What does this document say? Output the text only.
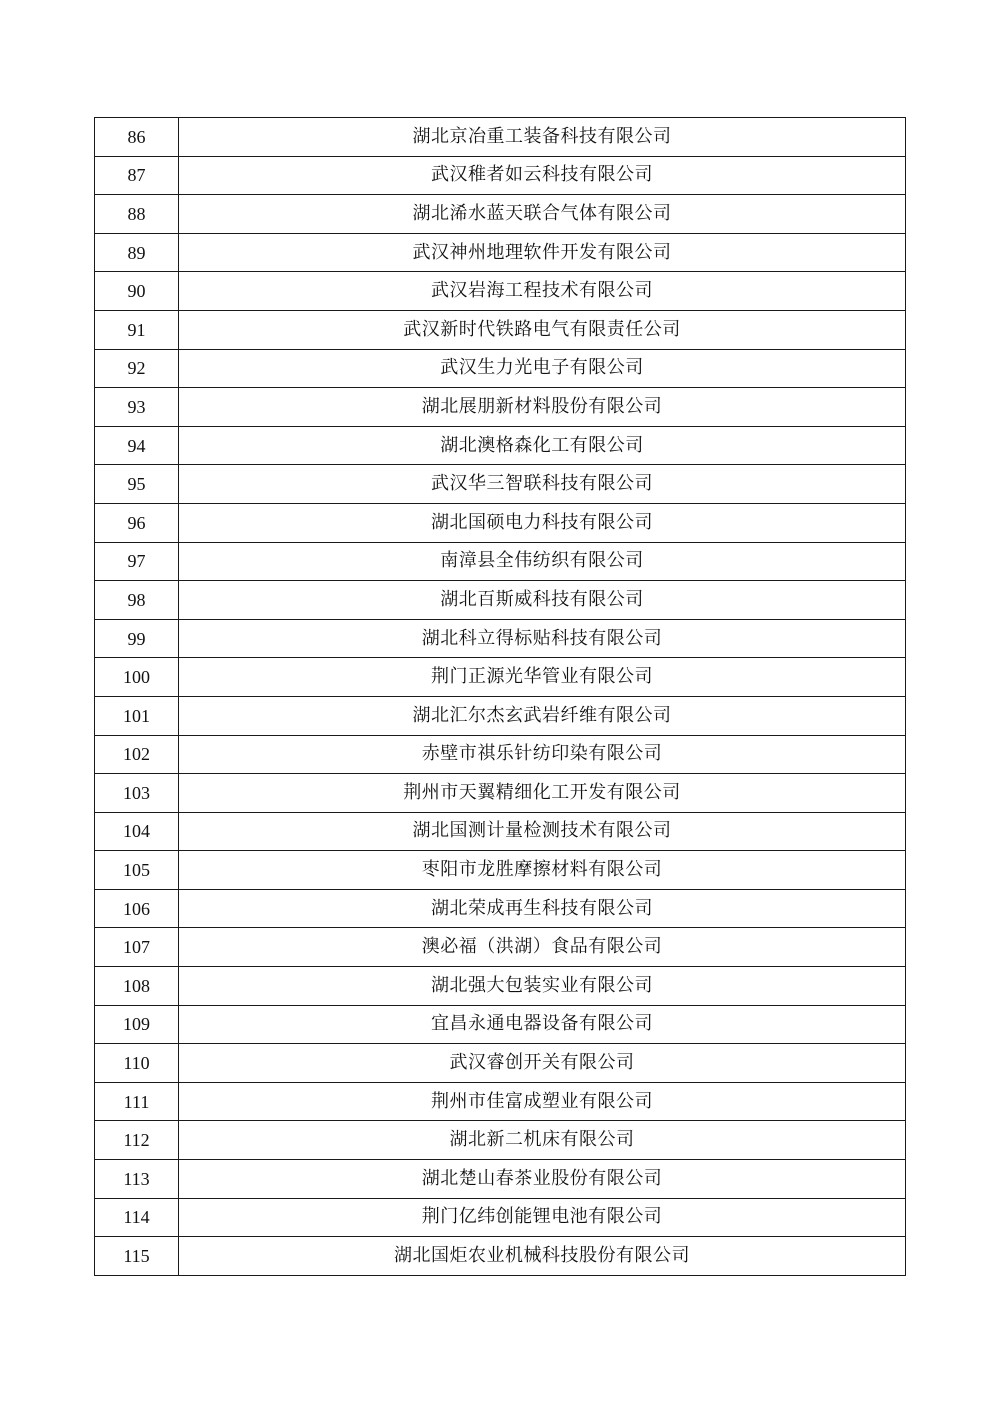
86	湖北京冶重工装备科技有限公司
87	武汉稚者如云科技有限公司
88	湖北浠水蓝天联合气体有限公司
89	武汉神州地理软件开发有限公司
90	武汉岩海工程技术有限公司
91	武汉新时代铁路电气有限责任公司
92	武汉生力光电子有限公司
93	湖北展朋新材料股份有限公司
94	湖北澳格森化工有限公司
95	武汉华三智联科技有限公司
96	湖北国硕电力科技有限公司
97	南漳县全伟纺织有限公司
98	湖北百斯威科技有限公司
99	湖北科立得标贴科技有限公司
100	荆门正源光华管业有限公司
101	湖北汇尔杰玄武岩纤维有限公司
102	赤壁市祺乐针纺印染有限公司
103	荆州市天翼精细化工开发有限公司
104	湖北国测计量检测技术有限公司
105	枣阳市龙胜摩擦材料有限公司
106	湖北荣成再生科技有限公司
107	澳必福（洪湖）食品有限公司
108	湖北强大包装实业有限公司
109	宜昌永通电器设备有限公司
110	武汉睿创开关有限公司
111	荆州市佳富成塑业有限公司
112	湖北新二机床有限公司
113	湖北楚山春茶业股份有限公司
114	荆门亿纬创能锂电池有限公司
115	湖北国炬农业机械科技股份有限公司
